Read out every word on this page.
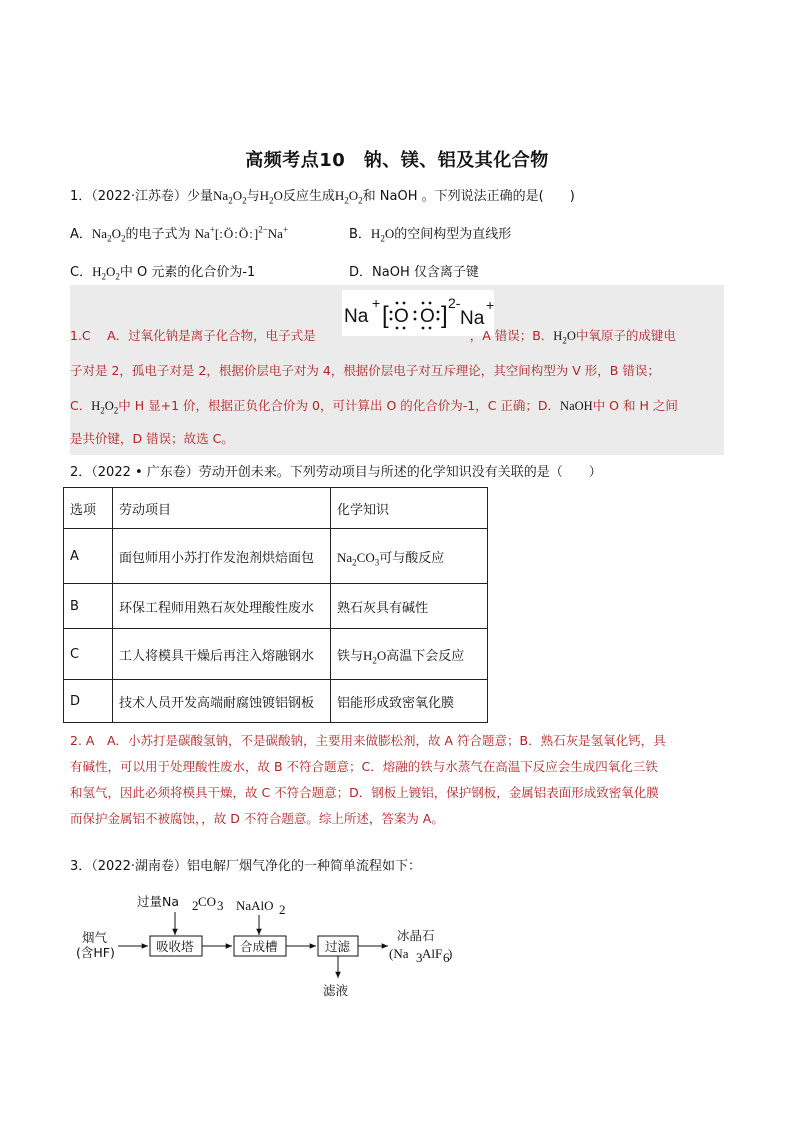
高频考点10　钠、镁、铝及其化合物
1．（2022·江苏卷）少量$Na_2O_2$与$H_2O$反应生成$H_2O_2$和 NaOH 。下列说法正确的是(　　)
A．$Na_2O_2$的电子式为 Na+[:Ö:Ö:]$^{2-}$Na+	B．$H_2O$的空间构型为直线形
C．$H_2O_2$中 O 元素的化合价为-1	D．NaOH 仅含离子键
Na
+ [ O O ] 2-
Na
+
1.C　 A．过氧化钠是离子化合物，电子式是	，A 错误；B．$H_2O$中氧原子的成键电
子对是 2，孤电子对是 2，根据价层电子对为 4，根据价层电子对互斥理论，其空间构型为 V 形，B 错误；
C．$H_2O_2$中 H 显+1 价，根据正负化合价为 0，可计算出 O 的化合价为-1，C 正确；D．NaOH中 O 和 H 之间
是共价键，D 错误；故选 C。
2．（2022 • 广东卷）劳动开创未来。下列劳动项目与所述的化学知识没有关联的是（　　）
选项	劳动项目	化学知识
A	面包师用小苏打作发泡剂烘焙面包	$Na_2CO_3$可与酸反应
B	环保工程师用熟石灰处理酸性废水	熟石灰具有碱性
C	工人将模具干燥后再注入熔融钢水	铁与$H_2O$高温下会反应
D	技术人员开发高端耐腐蚀镀铝钢板	铝能形成致密氧化膜
2. A　A．小苏打是碳酸氢钠，不是碳酸钠，主要用来做膨松剂，故 A 符合题意；B．熟石灰是氢氧化钙，具
有碱性，可以用于处理酸性废水，故 B 不符合题意；C．熔融的铁与水蒸气在高温下反应会生成四氧化三铁
和氢气，因此必须将模具干燥，故 C 不符合题意；D．钢板上镀铝，保护钢板，金属铝表面形成致密氧化膜
而保护金属铝不被腐蚀，，故 D 不符合题意。综上所述，答案为 A。
3．（2022·湖南卷）铝电解厂烟气净化的一种简单流程如下：
烟气
(含HF)
过量Na 2 CO 3
吸收塔
NaAlO 2
合成槽	过滤
滤液
冰晶石
(Na 3 AlF 6
)
